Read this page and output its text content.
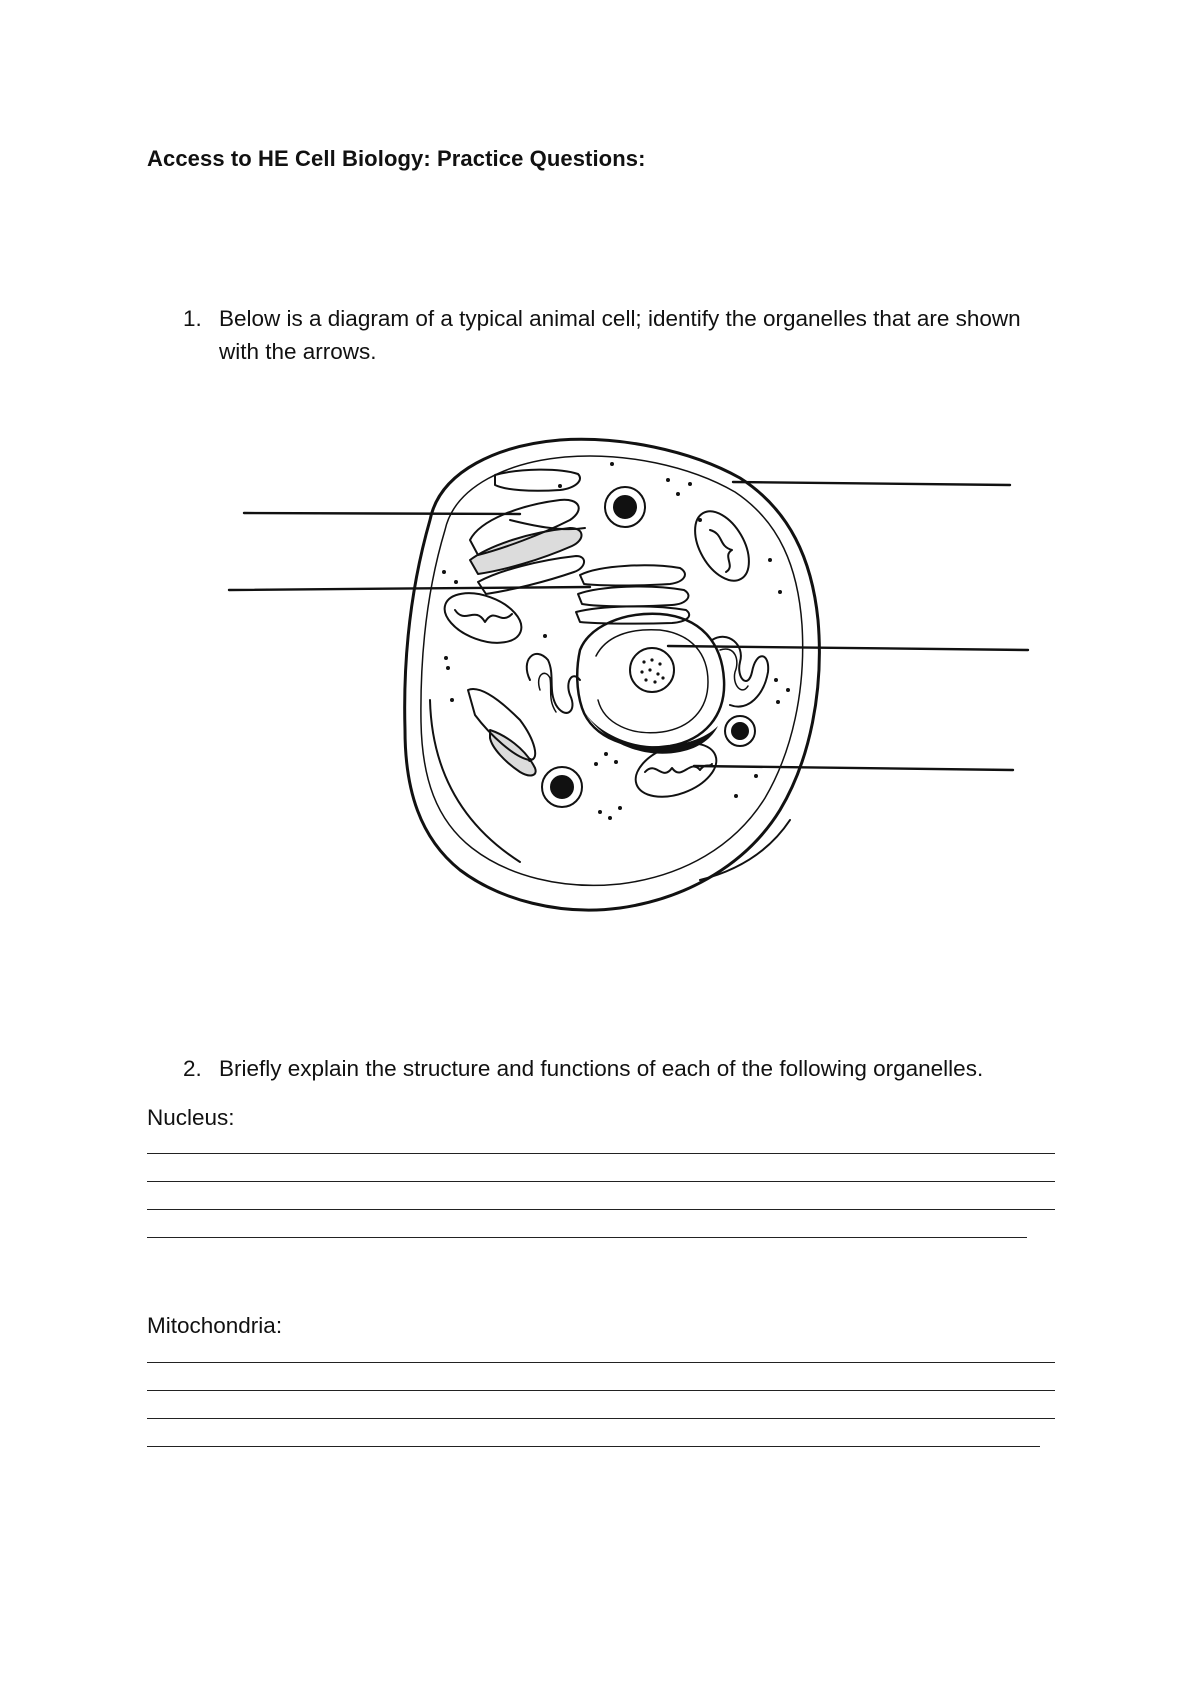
Access to HE Cell Biology: Practice Questions:
1. Below is a diagram of a typical animal cell; identify the organelles that are shown with the arrows.
2. Briefly explain the structure and functions of each of the following organelles.
Nucleus:
Mitochondria:
